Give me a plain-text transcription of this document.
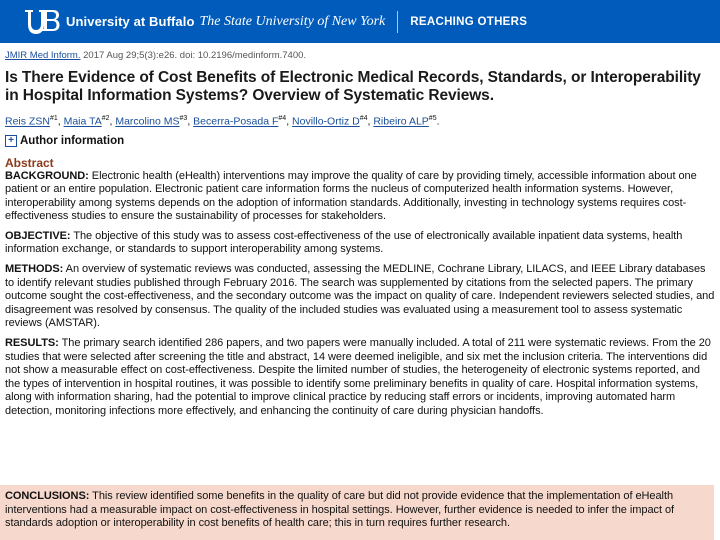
University at Buffalo The State University of New York REACHING OTHERS
JMIR Med Inform. 2017 Aug 29;5(3):e26. doi: 10.2196/medinform.7400.
Is There Evidence of Cost Benefits of Electronic Medical Records, Standards, or Interoperability in Hospital Information Systems? Overview of Systematic Reviews.
Reis ZSN$^{\#1}$, Maia TA$^{\#2}$, Marcolino MS$^{\#3}$, Becerra-Posada $F^{\#4}$, Novillo-Ortiz $D^{\#4}$, Ribeiro $ALP^{\#5}$.
+ Author information
Abstract

BACKGROUND: Electronic health (eHealth) interventions may improve the quality of care by providing timely, accessible information about one patient or an entire population. Electronic patient care information forms the nucleus of computerized health information systems. However, interoperability among systems depends on the adoption of information standards. Additionally, investing in technology systems requires cost-effectiveness studies to ensure the sustainability of processes for stakeholders.

OBJECTIVE: The objective of this study was to assess cost-effectiveness of the use of electronically available inpatient data systems, health information exchange, or standards to support interoperability among systems.

METHODS: An overview of systematic reviews was conducted, assessing the MEDLINE, Cochrane Library, LILACS, and IEEE Library databases to identify relevant studies published through February 2016. The search was supplemented by citations from the selected papers. The primary outcome sought the cost-effectiveness, and the secondary outcome was the impact on quality of care. Independent reviewers selected studies, and disagreement was resolved by consensus. The quality of the included studies was evaluated using a measurement tool to assess systematic reviews (AMSTAR).

RESULTS: The primary search identified 286 papers, and two papers were manually included. A total of 211 were systematic reviews. From the 20 studies that were selected after screening the title and abstract, 14 were deemed ineligible, and six met the inclusion criteria. The interventions did not show a measurable effect on cost-effectiveness. Despite the limited number of studies, the heterogeneity of electronic systems reported, and the types of intervention in hospital routines, it was possible to identify some preliminary benefits in quality of care. Hospital information systems, along with information sharing, had the potential to improve clinical practice by reducing staff errors or incidents, improving automated harm detection, monitoring infections more effectively, and enhancing the continuity of care during physician handoffs.

CONCLUSIONS: This review identified some benefits in the quality of care but did not provide evidence that the implementation of eHealth interventions had a measurable impact on cost-effectiveness in hospital settings. However, further evidence is needed to infer the impact of standards adoption or interoperability in cost benefits of health care; this in turn requires further research.
